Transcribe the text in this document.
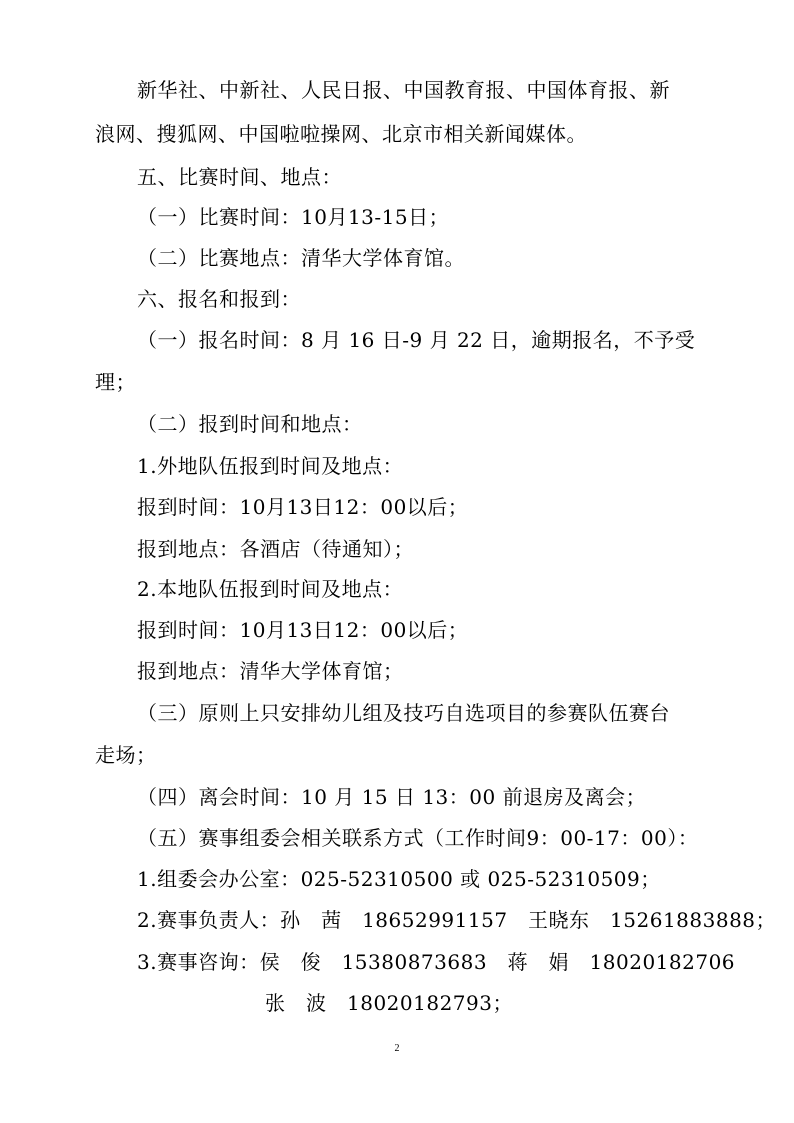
新华社、中新社、人民日报、中国教育报、中国体育报、新
浪网、搜狐网、中国啦啦操网、北京市相关新闻媒体。
五、比赛时间、地点：
（一）比赛时间：10月13-15日；
（二）比赛地点：清华大学体育馆。
六、报名和报到：
（一）报名时间：8 月 16 日-9 月 22 日，逾期报名，不予受
理；
（二）报到时间和地点：
1.外地队伍报到时间及地点：
报到时间：10月13日12：00以后；
报到地点：各酒店（待通知）；
2.本地队伍报到时间及地点：
报到时间：10月13日12：00以后；
报到地点：清华大学体育馆；
（三）原则上只安排幼儿组及技巧自选项目的参赛队伍赛台
走场；
（四）离会时间：10 月 15 日 13：00 前退房及离会；
（五）赛事组委会相关联系方式（工作时间9：00-17：00）：
1.组委会办公室：025-52310500 或 025-52310509；
2.赛事负责人：孙　茜　18652991157　王晓东　15261883888；
3.赛事咨询：侯　俊　15380873683　蒋　娟　18020182706
张　波　18020182793；
2
